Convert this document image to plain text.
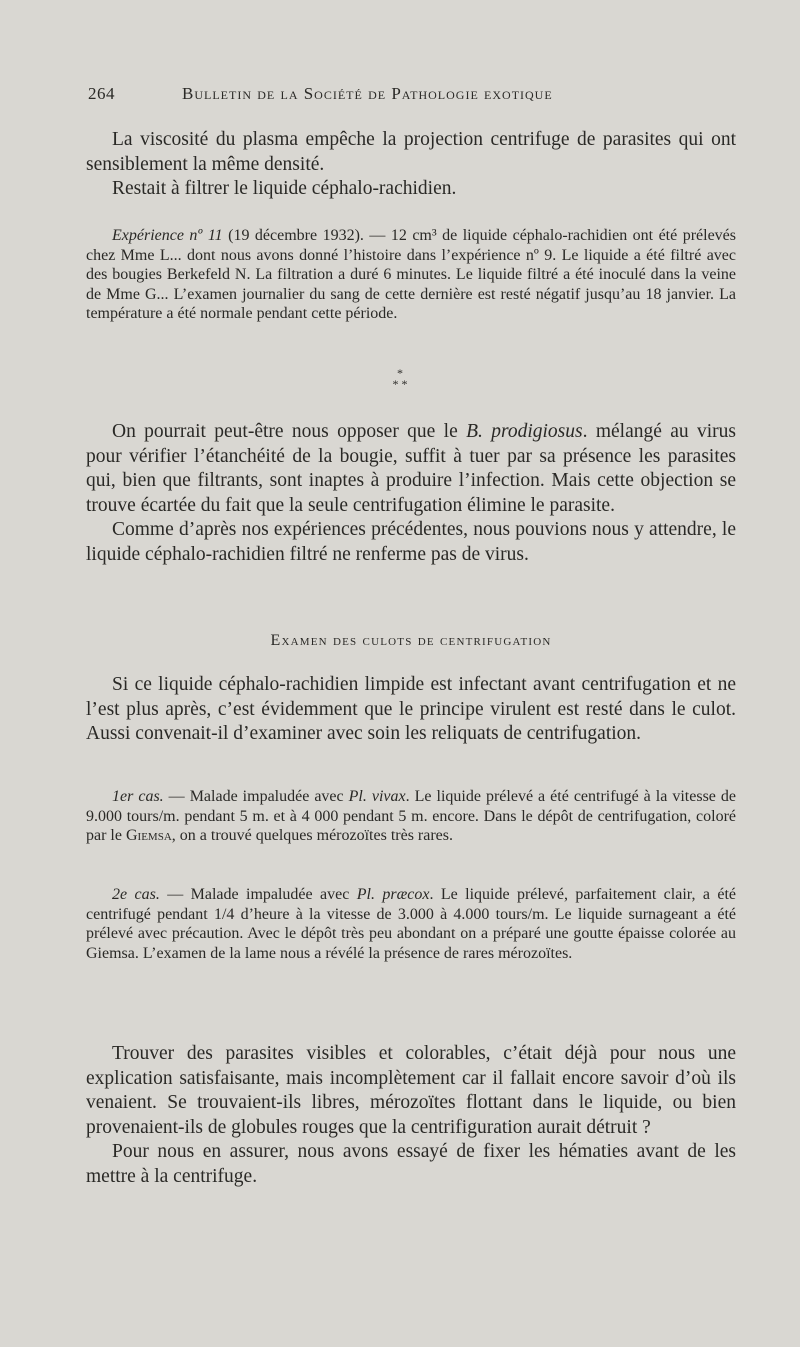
264	Bulletin de la Société de Pathologie exotique

La viscosité du plasma empêche la projection centrifuge de parasites qui ont sensiblement la même densité.

Restait à filtrer le liquide céphalo-rachidien.

Expérience nº 11 (19 décembre 1932). — 12 cm³ de liquide céphalo-rachidien ont été prélevés chez Mme L... dont nous avons donné l’histoire dans l’expérience nº 9. Le liquide a été filtré avec des bougies Berkefeld N. La filtration a duré 6 minutes. Le liquide filtré a été inoculé dans la veine de Mme G... L’examen journalier du sang de cette dernière est resté négatif jusqu’au 18 janvier. La température a été normale pendant cette période.

*
* *

On pourrait peut-être nous opposer que le B. prodigiosus. mélangé au virus pour vérifier l’étanchéité de la bougie, suffit à tuer par sa présence les parasites qui, bien que filtrants, sont inaptes à produire l’infection. Mais cette objection se trouve écartée du fait que la seule centrifugation élimine le parasite.

Comme d’après nos expériences précédentes, nous pouvions nous y attendre, le liquide céphalo-rachidien filtré ne renferme pas de virus.

Examen des culots de centrifugation

Si ce liquide céphalo-rachidien limpide est infectant avant centrifugation et ne l’est plus après, c’est évidemment que le principe virulent est resté dans le culot. Aussi convenait-il d’examiner avec soin les reliquats de centrifugation.

1er cas. — Malade impaludée avec Pl. vivax. Le liquide prélevé a été centrifugé à la vitesse de 9.000 tours/m. pendant 5 m. et à 4 000 pendant 5 m. encore. Dans le dépôt de centrifugation, coloré par le Giemsa, on a trouvé quelques mérozoïtes très rares.

2e cas. — Malade impaludée avec Pl. præcox. Le liquide prélevé, parfaitement clair, a été centrifugé pendant 1/4 d’heure à la vitesse de 3.000 à 4.000 tours/m. Le liquide surnageant a été prélevé avec précaution. Avec le dépôt très peu abondant on a préparé une goutte épaisse colorée au Giemsa. L’examen de la lame nous a révélé la présence de rares mérozoïtes.

Trouver des parasites visibles et colorables, c’était déjà pour nous une explication satisfaisante, mais incomplètement car il fallait encore savoir d’où ils venaient. Se trouvaient-ils libres, mérozoïtes flottant dans le liquide, ou bien provenaient-ils de globules rouges que la centrifiguration aurait détruit ?

Pour nous en assurer, nous avons essayé de fixer les hématies avant de les mettre à la centrifuge.
